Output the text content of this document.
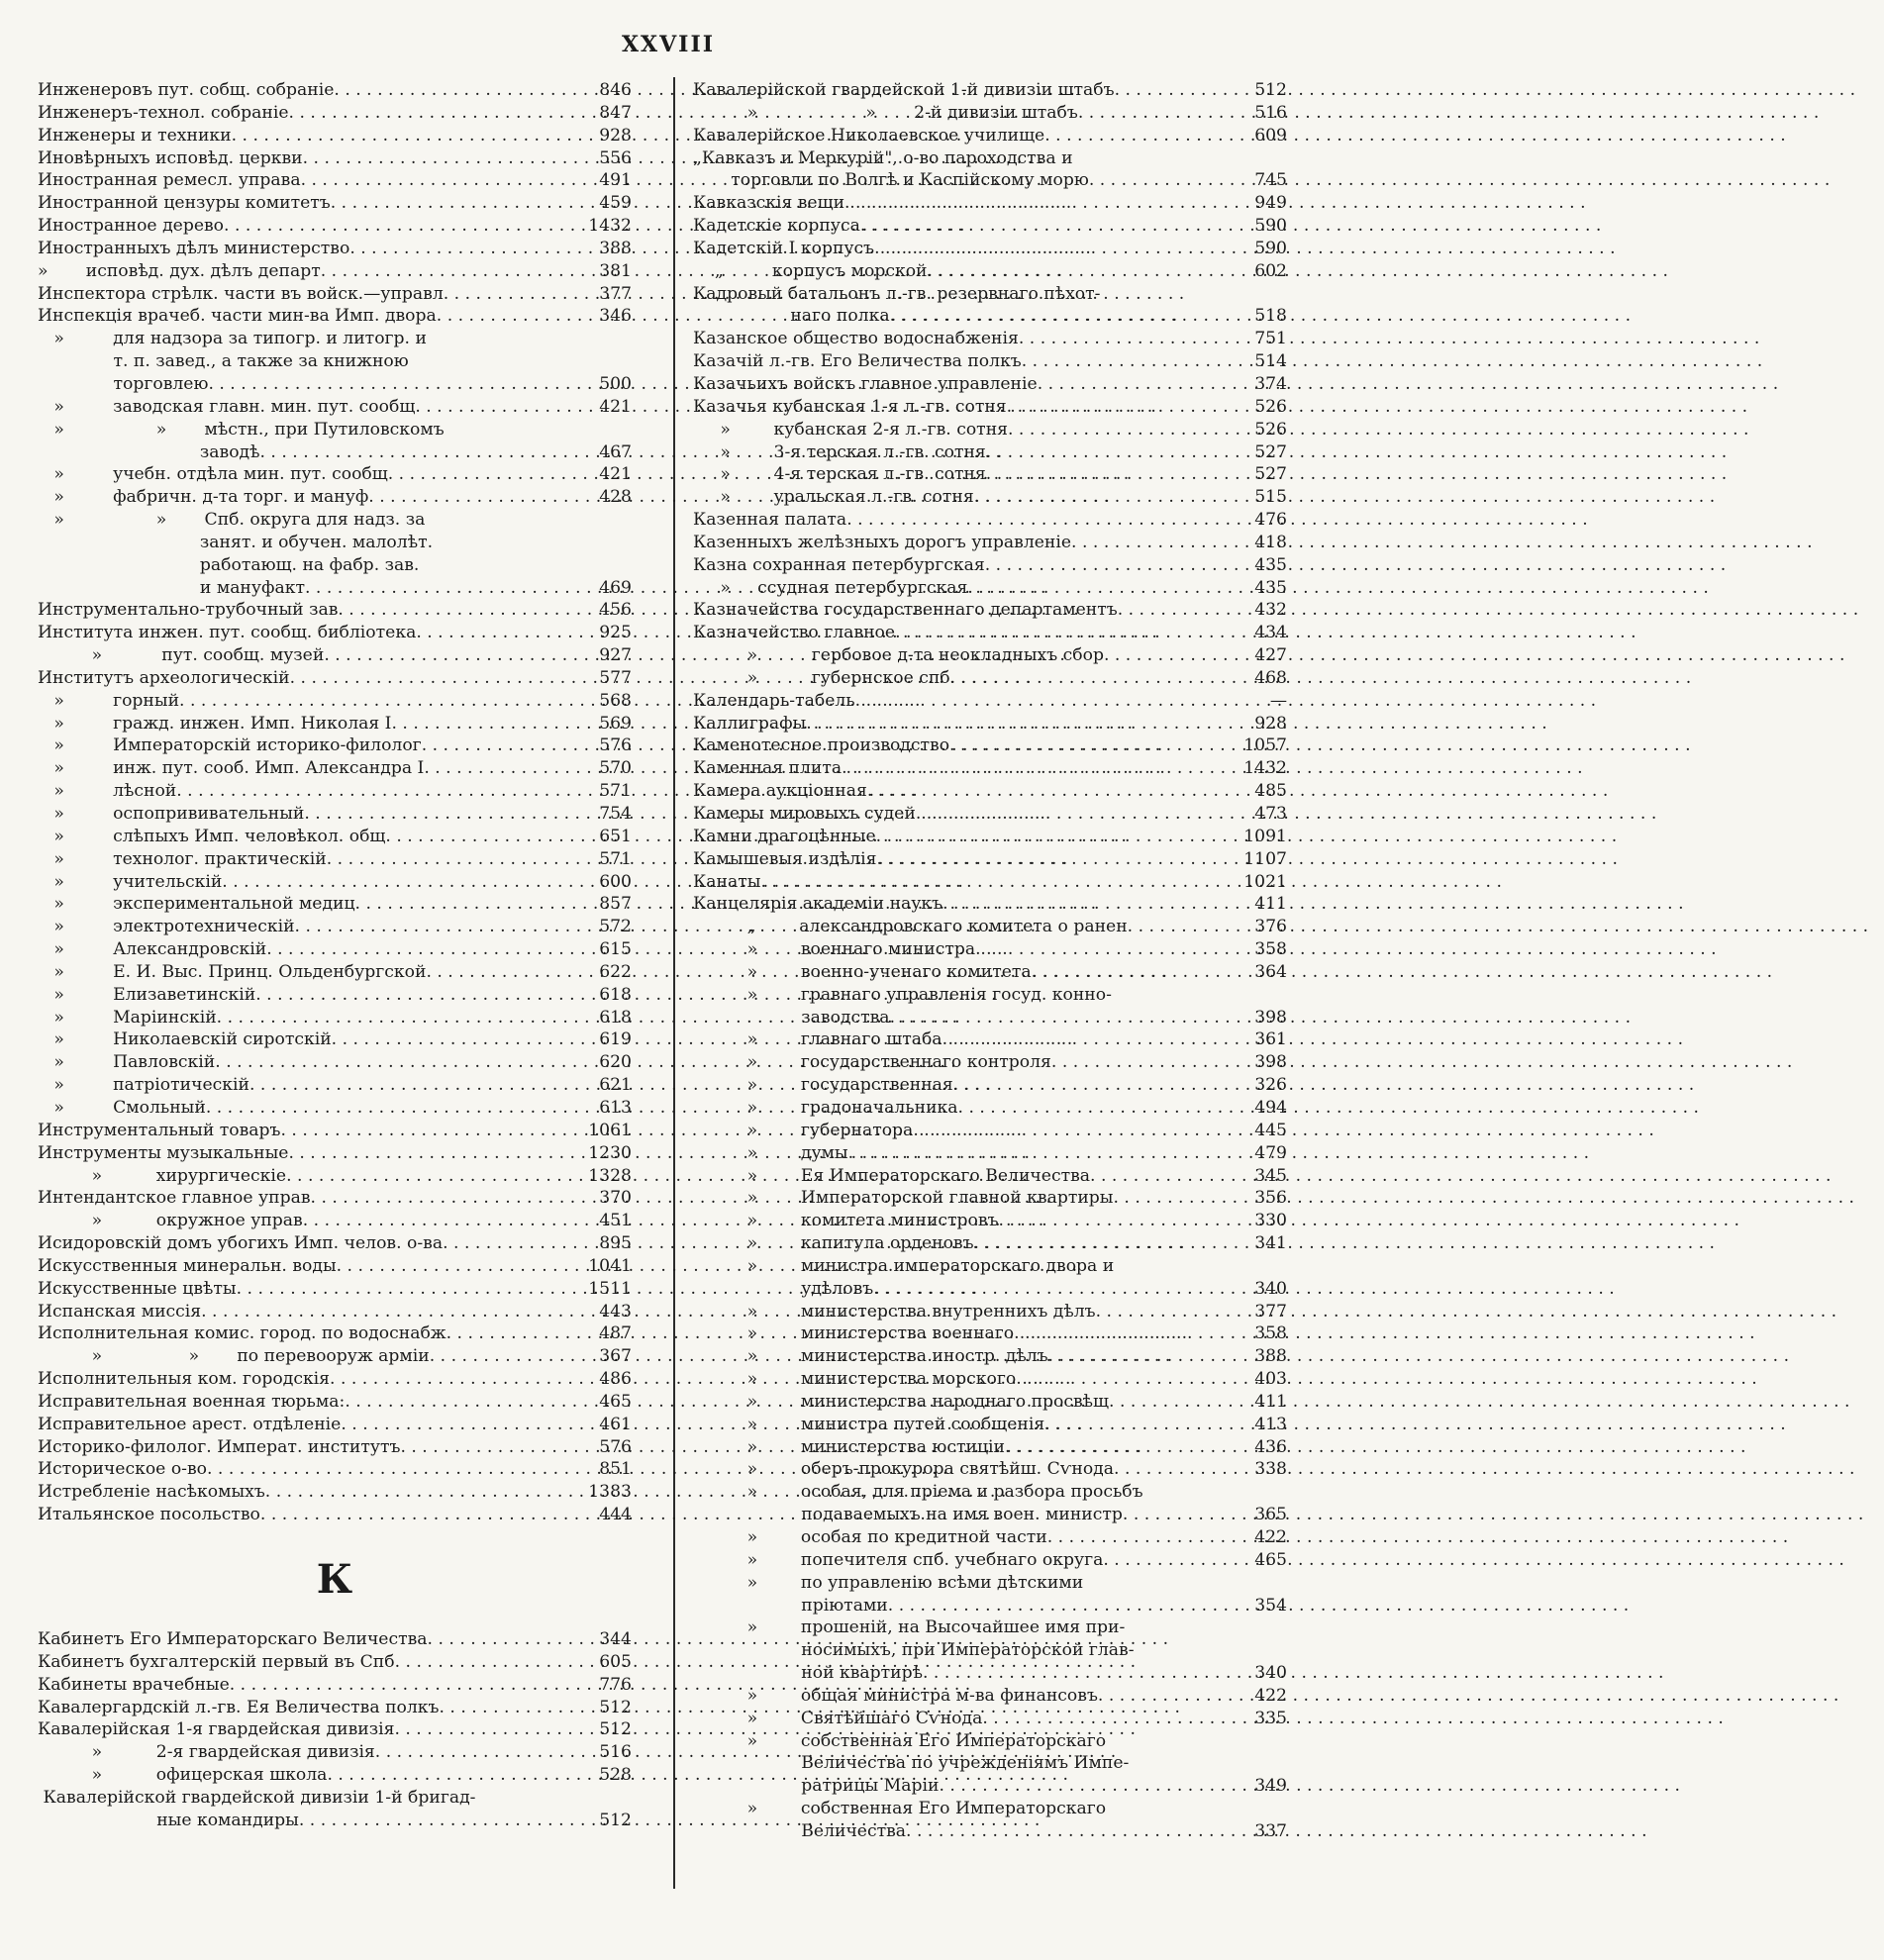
XXVIII
Инженеровъ пут. собщ. собраніе . . .	846
Инженеръ-технол. собраніе . . .	847
Инженеры и техники . . .	928
Иновѣрныхъ исповѣд. церкви . . .	556
Иностранная ремесл. управа . . .	491
Иностранной цензуры комитетъ . . .	459
Иностранное дерево . . .	1432
Иностранныхъ дѣлъ министерство . . .	388
»       исповѣд. дух. дѣлъ департ . . .	381
Инспектора стрѣлк. части въ войск.—управл . . .	377
Инспекція врачеб. части мин-ва Имп. двора . . .	346
»         для надзора за типогр. и литогр. и
т. п. завед., а также за книжною
торговлею . . .	500
»         заводская главн. мин. пут. сообщ . . .	421
»                 »       мѣстн., при Путиловскомъ
заводѣ . . .	467
»         учебн. отдѣла мин. пут. сообщ . . .	421
»         фабричн. д-та торг. и мануф . . .	428
»                 »       Спб. округа для надз. за
занят. и обучен. малолѣт.
работающ. на фабр. зав.
и мануфакт . . .	469
Инструментально-трубочный зав . . .	456
Института инжен. пут. сообщ. библіотека . . .	925
»           пут. сообщ. музей . . .	927
Институтъ археологическій . . .	577
»         горный . . .	568
»         гражд. инжен. Имп. Николая I . . .	569
»         Императорскій историко-филолог . . .	576
»         инж. пут. сооб. Имп. Александра I . . .	570
»         лѣсной . . .	571
»         оспопрививательный . . .	754
»         слѣпыхъ Имп. человѣкол. общ . . .	651
»         технолог. практическій . . .	571
»         учительскій . . .	600
»         экспериментальной медиц . . .	857
»         электротехническій . . .	572
»         Александровскій . . .	615
»         Е. И. Выс. Принц. Ольденбургской . . .	622
»         Елизаветинскій . . .	618
»         Маріинскій . . .	618
»         Николаевскій сиротскій . . .	619
»         Павловскій . . .	620
»         патріотическій . . .	621
»         Смольный . . .	613
Инструментальный товаръ . . .	1061
Инструменты музыкальные . . .	1230
»          хирургическіе . . .	1328
Интендантское главное управ . . .	370
»          окружное управ . . .	451
Исидоровскій домъ убогихъ Имп. челов. о-ва . . .	895
Искусственныя минеральн. воды . . .	1041
Искусственные цвѣты . . .	1511
Испанская миссія . . .	443
Исполнительная комис. город. по водоснабж . . .	487
»                »       по перевооруж арміи . . .	367
Исполнительныя ком. городскія . . .	486
Исправительная военная тюрьма: . . .	465
Исправительное арест. отдѣленіе . . .	461
Историко-филолог. Императ. институтъ . . .	576
Историческое о-во . . .	851
Истребленіе насѣкомыхъ . . .	1383
Итальянское посольство . . .	444
К
Кабинетъ Его Императорскаго Величества . . .	344
Кабинетъ бухгалтерскій первый въ Спб . . .	605
Кабинеты врачебные . . .	776
Кавалергардскій л.-гв. Ея Величества полкъ . . .	512
Кавалерійская 1-я гвардейская дивизія . . .	512
»          2-я гвардейская дивизія . . .	516
»          офицерская школа . . .	528
Кавалерійской гвардейской дивизіи 1-й бригад-
ные командиры . . .	512
Кавалерійской гвардейской 1-й дивизіи штабъ . . .	512
»                    »       2-й дивизіи штабъ . . .	516
Кавалерійское Николаевское училище . . .	609
„Кавказъ и Меркурій", о-во пароходства и
торговли по Волгѣ и Каспійскому морю . . .	745
Кавказскія вещи . . .	949
Кадетскіе корпуса . . .	590
Кадетскій I корпусъ . . .	590
„         корпусъ морской . . .	602
Кадровый батальонъ л.-гв. резервнаго пѣхот-
наго полка . . .	518
Казанское общество водоснабженія . . .	751
Казачій л.-гв. Его Величества полкъ . . .	514
Казачьихъ войскъ главное управленіе . . .	374
Казачья кубанская 1-я л.-гв. сотня . . .	526
»        кубанская 2-я л.-гв. сотня . . .	526
»        3-я терская л.-гв. сотня . . .	527
»        4-я терская л.-гв. сотня . . .	527
»        уральская л.-гв. сотня . . .	515
Казенная палата . . .	476
Казенныхъ желѣзныхъ дорогъ управленіе . . .	418
Казна сохранная петербургская . . .	435
»     ссудная петербургская . . .	435
Казначейства государственнаго департаментъ . . .	432
Казначейство главное . . .	434
»          гербовое д-та неокладныхъ сбор . . .	427
»          губернское спб . . .	468
Календарь-табель . . .	—
Каллиграфы . . .	928
Каменотесное производство . . .	1057
Каменная плита . . .	1432
Камера аукціонная . . .	485
Камеры мировыхъ судей . . .	473
Камни драгоцѣнные . . .	1091
Камышевыя издѣлія . . .	1107
Канаты . . .	1021
Канцелярія академіи наукъ . . .	411
„        александровскаго комитета о ранен . . .	376
»        военнаго министра . . .	358
»        военно-ученаго комитета . . .	364
»        гравнаго управленія госуд. коннo-
заводства . . .	398
»        главнаго штаба . . .	361
»        государственнаго контроля . . .	398
»        государственная . . .	326
»        градоначальника . . .	494
»        губернатора . . .	445
»        думы . . .	479
»        Ея Императорскаго Величества . . .	345
»        Императорской главной квартиры . . .	356
»        комитета министровъ . . .	330
»        капитула орденовъ . . .	341
»        министра императорскаго двора и
удѣловъ . . .	340
»        министерства внутреннихъ дѣлъ . . .	377
»        министерства военнаго . . .	358
»        министерства иностр. дѣлъ . . .	388
»        министерства морского . . .	403
»        министерства народнаго просвѣщ . . .	411
»        министра путей сообщенія . . .	413
»        министерства юстиціи . . .	436
»        оберъ-прокурора святѣйш. Сѵнода . . .	338
»        особая, для пріема и разбора просьбъ
подаваемыхъ на имя воен. министр . . .	365
»        особая по кредитной части . . .	422
»        попечителя спб. учебнаго округа . . .	465
»        по управленію всѣми дѣтскими
пріютами . . .	354
»        прошеній, на Высочайшее имя при-
носимыхъ, при Императорской глав-
ной квартирѣ . . .	340
»        общая министра м-ва финансовъ . . .	422
»        Святѣйшаго Сѵнода . . .	335
»        собственная Его Императорскаго
Величества по учрежденіямъ Импе-
ратрицы Маріи . . .	349
»        собственная Его Императорскаго
Величества . . .	337
